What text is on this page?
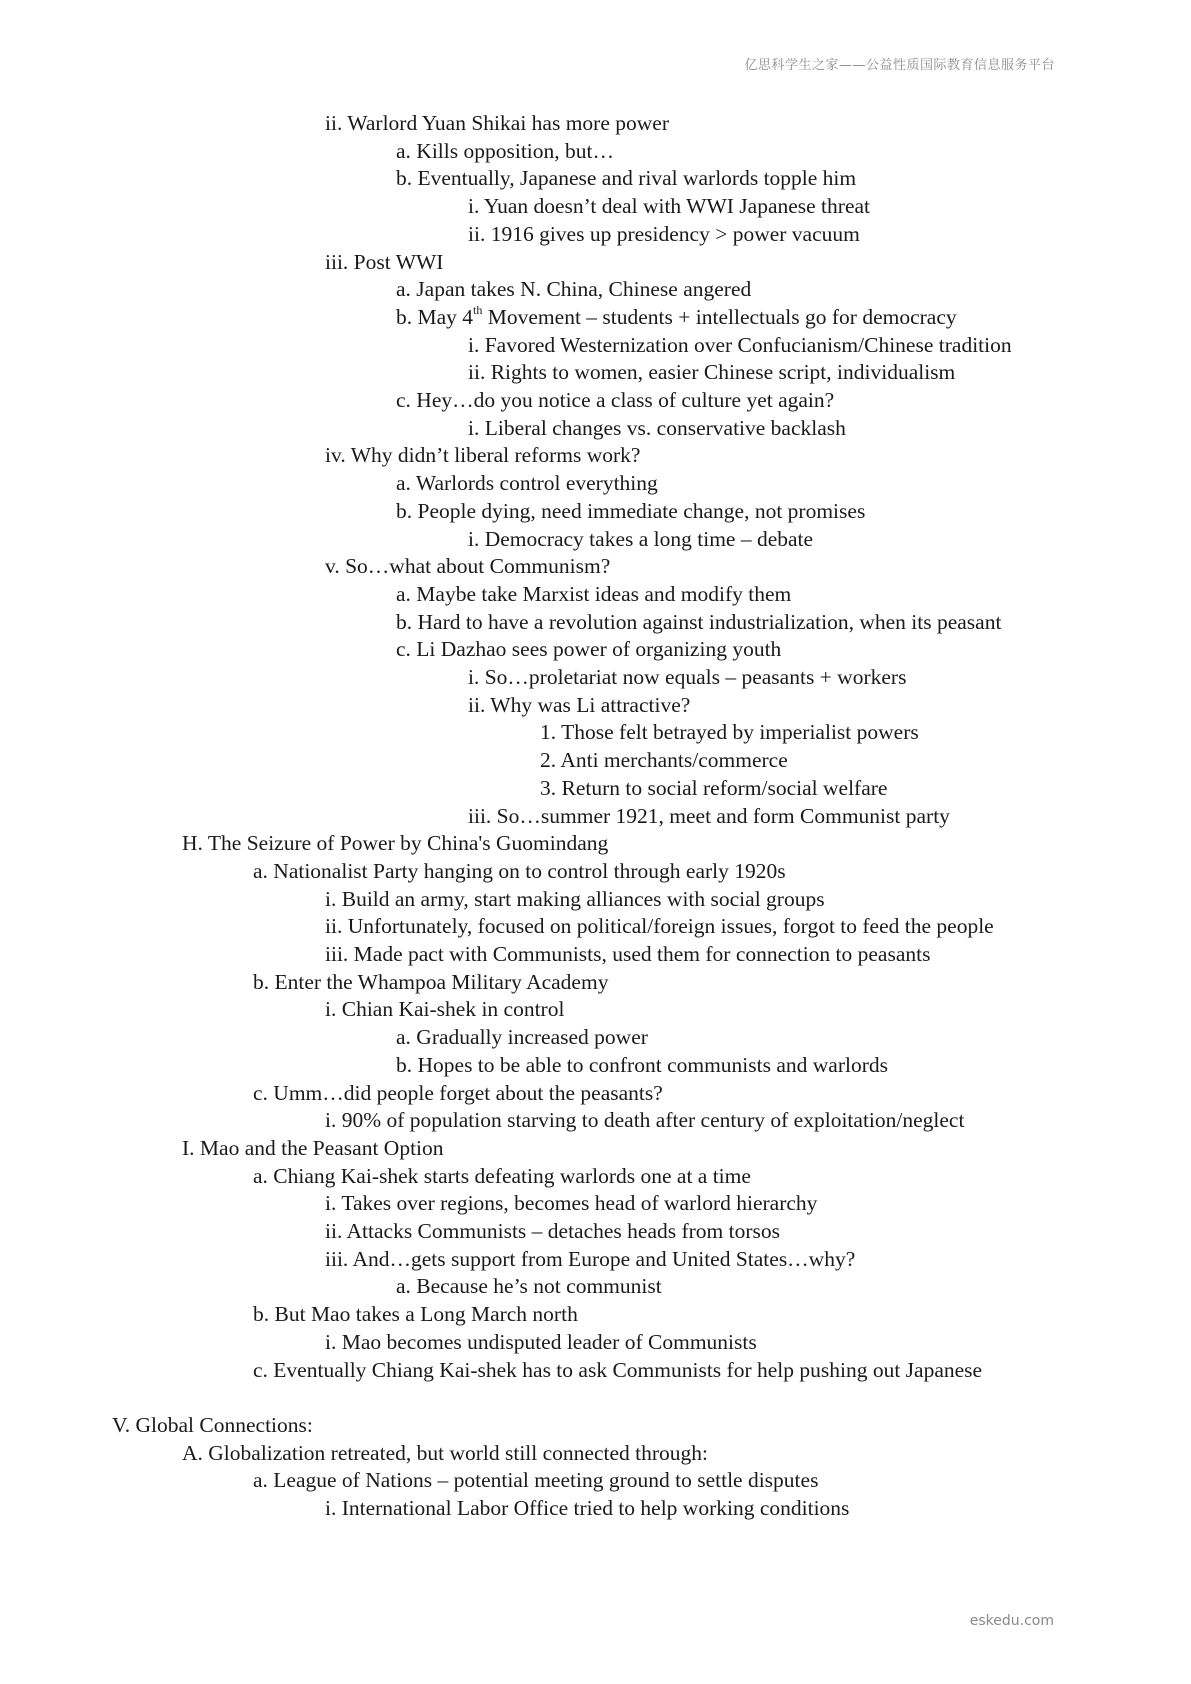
亿思科学生之家——公益性质国际教育信息服务平台
ii. Warlord Yuan Shikai has more power
a. Kills opposition, but…
b. Eventually, Japanese and rival warlords topple him
i. Yuan doesn’t deal with WWI Japanese threat
ii. 1916 gives up presidency > power vacuum
iii. Post WWI
a. Japan takes N. China, Chinese angered
b. May 4th Movement – students + intellectuals go for democracy
i. Favored Westernization over Confucianism/Chinese tradition
ii. Rights to women, easier Chinese script, individualism
c. Hey…do you notice a class of culture yet again?
i. Liberal changes vs. conservative backlash
iv. Why didn’t liberal reforms work?
a. Warlords control everything
b. People dying, need immediate change, not promises
i. Democracy takes a long time – debate
v. So…what about Communism?
a. Maybe take Marxist ideas and modify them
b. Hard to have a revolution against industrialization, when its peasant
c. Li Dazhao sees power of organizing youth
i. So…proletariat now equals – peasants + workers
ii. Why was Li attractive?
1. Those felt betrayed by imperialist powers
2. Anti merchants/commerce
3. Return to social reform/social welfare
iii. So…summer 1921, meet and form Communist party
H. The Seizure of Power by China's Guomindang
a. Nationalist Party hanging on to control through early 1920s
i. Build an army, start making alliances with social groups
ii. Unfortunately, focused on political/foreign issues, forgot to feed the people
iii. Made pact with Communists, used them for connection to peasants
b. Enter the Whampoa Military Academy
i. Chian Kai-shek in control
a. Gradually increased power
b. Hopes to be able to confront communists and warlords
c. Umm…did people forget about the peasants?
i. 90% of population starving to death after century of exploitation/neglect
I. Mao and the Peasant Option
a. Chiang Kai-shek starts defeating warlords one at a time
i. Takes over regions, becomes head of warlord hierarchy
ii. Attacks Communists – detaches heads from torsos
iii. And…gets support from Europe and United States…why?
a. Because he’s not communist
b. But Mao takes a Long March north
i. Mao becomes undisputed leader of Communists
c. Eventually Chiang Kai-shek has to ask Communists for help pushing out Japanese
V. Global Connections:
A. Globalization retreated, but world still connected through:
a. League of Nations – potential meeting ground to settle disputes
i. International Labor Office tried to help working conditions
eskedu.com
